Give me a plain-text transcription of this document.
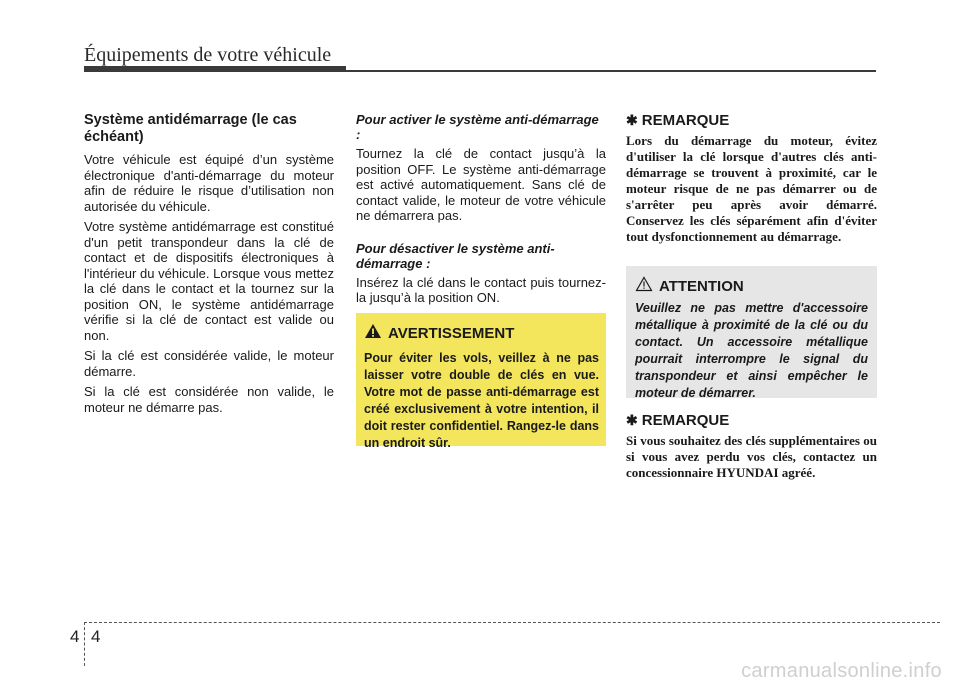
Équipements de votre véhicule
Système antidémarrage (le cas échéant)

Votre véhicule est équipé d’un système électronique d'anti-démarrage du moteur afin de réduire le risque d’utilisation non autorisée du véhicule.

Votre système antidémarrage est constitué d'un petit transpondeur dans la clé de contact et de dispositifs électroniques à l'intérieur du véhicule. Lorsque vous mettez la clé dans le contact et la tournez sur la position ON, le système antidémarrage vérifie si la clé de contact est valide ou non.

Si la clé est considérée valide, le moteur démarre.

Si la clé est considérée non valide, le moteur ne démarre pas.

Pour activer le système anti-démarrage :

Tournez la clé de contact jusqu’à la position OFF. Le système anti-démarrage est activé automatiquement. Sans clé de contact valide, le moteur de votre véhicule ne démarrera pas.

Pour désactiver le système anti-démarrage :

Insérez la clé dans le contact puis tournez-la jusqu’à la position ON.

AVERTISSEMENT

Pour éviter les vols, veillez à ne pas laisser votre double de clés en vue. Votre mot de passe anti-démarrage est créé exclusivement à votre intention, il doit rester confidentiel. Rangez-le dans un endroit sûr.

✱ REMARQUE

Lors du démarrage du moteur, évitez d'utiliser la clé lorsque d'autres clés anti-démarrage se trouvent à proximité, car le moteur risque de ne pas démarrer ou de s'arrêter peu après avoir démarré. Conservez les clés séparément afin d'éviter tout dysfonctionnement au démarrage.

ATTENTION

Veuillez ne pas mettre d'accessoire métallique à proximité de la clé ou du contact. Un accessoire métallique pourrait interrompre le signal du transpondeur et ainsi empêcher le moteur de démarrer.

✱ REMARQUE

Si vous souhaitez des clés supplémentaires ou si vous avez perdu vos clés, contactez un concessionnaire HYUNDAI agréé.

4 4
carmanualsonline.info
